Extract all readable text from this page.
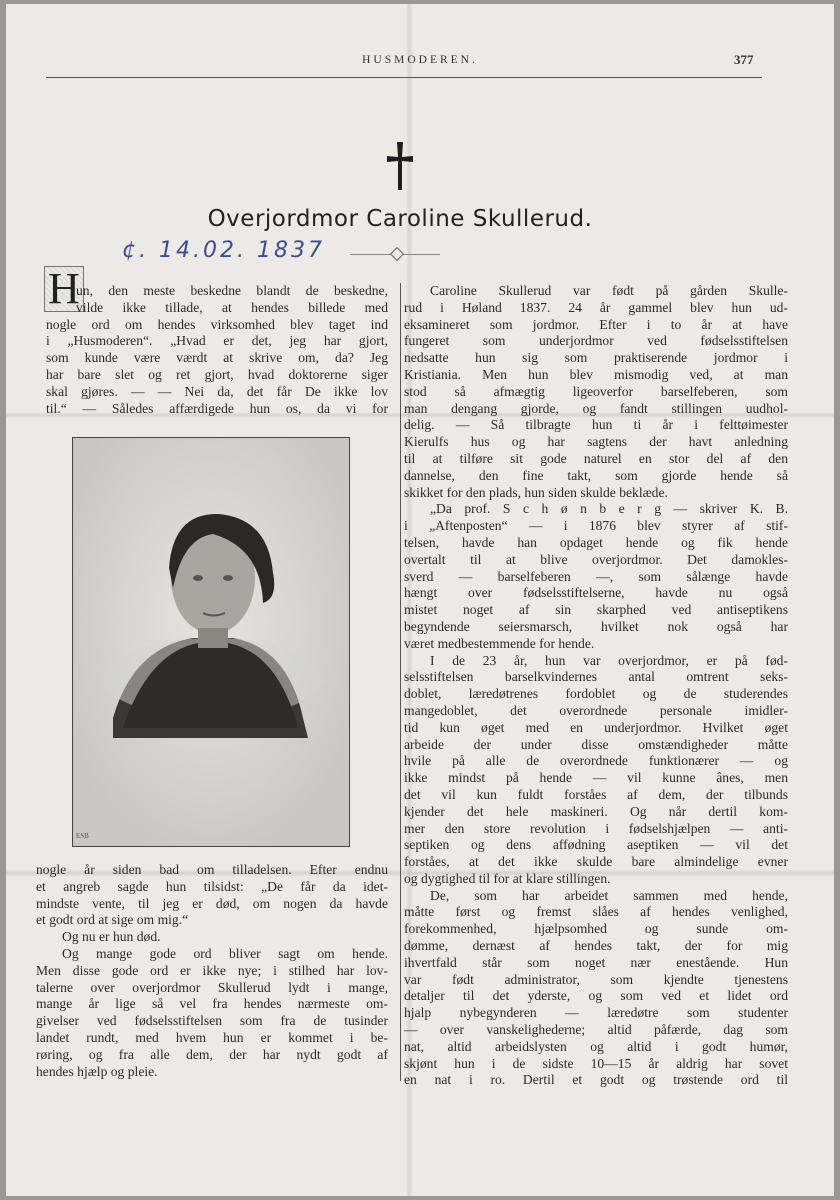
HUSMODEREN.	377
Overjordmor Caroline Skullerud.
¢. 14.02. 1837
H
un, den meste beskedne blandt de beskedne,
vilde ikke tillade, at hendes billede med
nogle ord om hendes virksomhed blev taget ind
i „Husmoderen“. „Hvad er det, jeg har gjort,
som kunde være værdt at skrive om, da? Jeg
har bare slet og ret gjort, hvad doktorerne siger
skal gjøres. — — Nei da, det får De ikke lov
til.“ — Således affærdigede hun os, da vi for
ESB
nogle år siden bad om tilladelsen. Efter endnu
et angreb sagde hun tilsidst: „De får da idet-
mindste vente, til jeg er død, om nogen da havde
et godt ord at sige om mig.“
Og nu er hun død.
Og mange gode ord bliver sagt om hende.
Men disse gode ord er ikke nye; i stilhed har lov-
talerne over overjordmor Skullerud lydt i mange,
mange år lige så vel fra hendes nærmeste om-
givelser ved fødselsstiftelsen som fra de tusinder
landet rundt, med hvem hun er kommet i be-
røring, og fra alle dem, der har nydt godt af
hendes hjælp og pleie.
Caroline Skullerud var født på gården Skulle-
rud i Høland 1837. 24 år gammel blev hun ud-
eksamineret som jordmor. Efter i to år at have
fungeret som underjordmor ved fødselsstiftelsen
nedsatte hun sig som praktiserende jordmor i
Kristiania. Men hun blev mismodig ved, at man
stod så afmægtig ligeoverfor barselfeberen, som
man dengang gjorde, og fandt stillingen uudhol-
delig. — Så tilbragte hun ti år i felttøimester
Kierulfs hus og har sagtens der havt anledning
til at tilføre sit gode naturel en stor del af den
dannelse, den fine takt, som gjorde hende så
skikket for den plads, hun siden skulde beklæde.
„Da prof. S c h ø n b e r g — skriver K. B.
i „Aftenposten“ — i 1876 blev styrer af stif-
telsen, havde han opdaget hende og fik hende
overtalt til at blive overjordmor. Det damokles-
sverd — barselfeberen —, som sålænge havde
hængt over fødselsstiftelserne, havde nu også
mistet noget af sin skarphed ved antiseptikens
begyndende seiersmarsch, hvilket nok også har
været medbestemmende for hende.
I de 23 år, hun var overjordmor, er på fød-
selsstiftelsen barselkvindernes antal omtrent seks-
doblet, læredøtrenes fordoblet og de studerendes
mangedoblet, det overordnede personale imidler-
tid kun øget med en underjordmor. Hvilket øget
arbeide der under disse omstændigheder måtte
hvile på alle de overordnede funktionærer — og
ikke mindst på hende — vil kunne ânes, men
det vil kun fuldt forståes af dem, der tilbunds
kjender det hele maskineri. Og når dertil kom-
mer den store revolution i fødselshjælpen — anti-
septiken og dens affødning aseptiken — vil det
forståes, at det ikke skulde bare almindelige evner
og dygtighed til for at klare stillingen.
De, som har arbeidet sammen med hende,
måtte først og fremst slåes af hendes venlighed,
forekommenhed, hjælpsomhed og sunde om-
dømme, dernæst af hendes takt, der for mig
ihvertfald står som noget nær enestående. Hun
var født administrator, som kjendte tjenestens
detaljer til det yderste, og som ved et lidet ord
hjalp nybegynderen — læredøtre som studenter
— over vanskelighederne; altid påfærde, dag som
nat, altid arbeidslysten og altid i godt humør,
skjønt hun i de sidste 10—15 år aldrig har sovet
en nat i ro. Dertil et godt og trøstende ord til
